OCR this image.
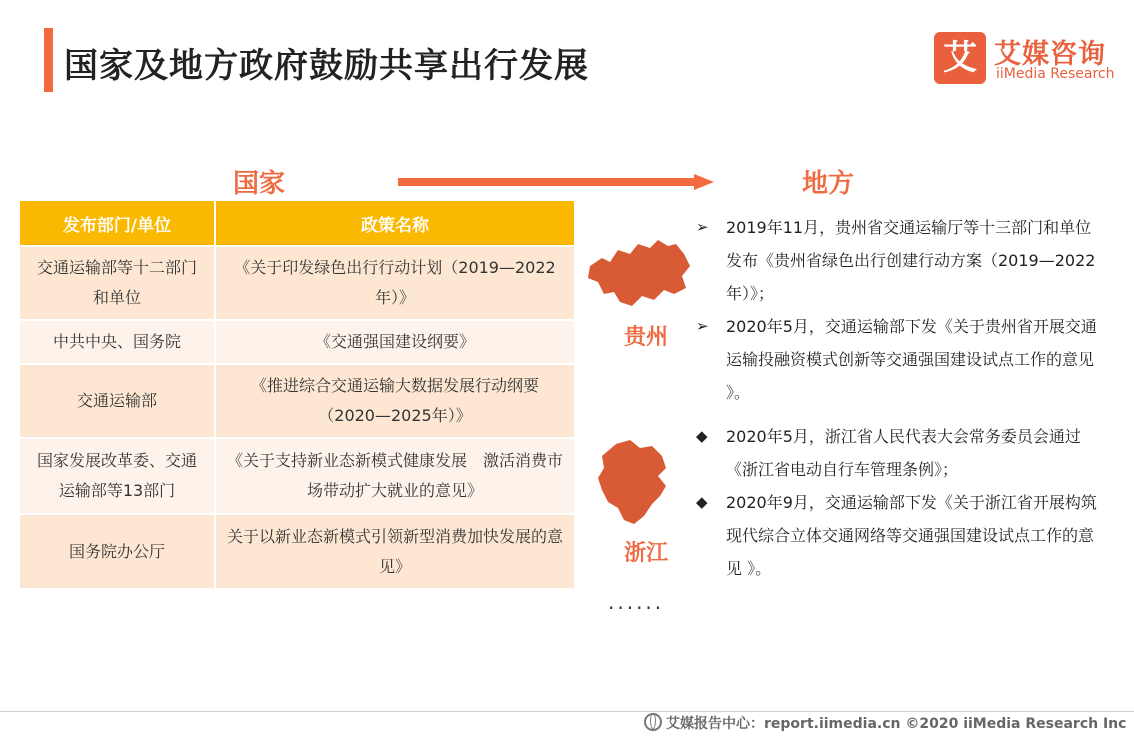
国家及地方政府鼓励共享出行发展	艾 艾媒咨询
iiMedia Research
国家	地方
发布部门/单位	政策名称
交通运输部等十二部门和单位	《关于印发绿色出行行动计划（2019—2022年）》
中共中央、国务院	《交通强国建设纲要》
交通运输部	《推进综合交通运输大数据发展行动纲要（2020—2025年）》
国家发展改革委、交通运输部等13部门	《关于支持新业态新模式健康发展　激活消费市场带动扩大就业的意见》
国务院办公厅	关于以新业态新模式引领新型消费加快发展的意见》
贵州
浙江
......
➢ 2019年11月，贵州省交通运输厅等十三部门和单位发布《贵州省绿色出行创建行动方案（2019—2022年）》；
➢ 2020年5月，交通运输部下发《关于贵州省开展交通运输投融资模式创新等交通强国建设试点工作的意见 》。
◆ 2020年5月，浙江省人民代表大会常务委员会通过《浙江省电动自行车管理条例》；
◆ 2020年9月，交通运输部下发《关于浙江省开展构筑现代综合立体交通网络等交通强国建设试点工作的意见 》。
艾媒报告中心：report.iimedia.cn ©2020 iiMedia Research Inc
